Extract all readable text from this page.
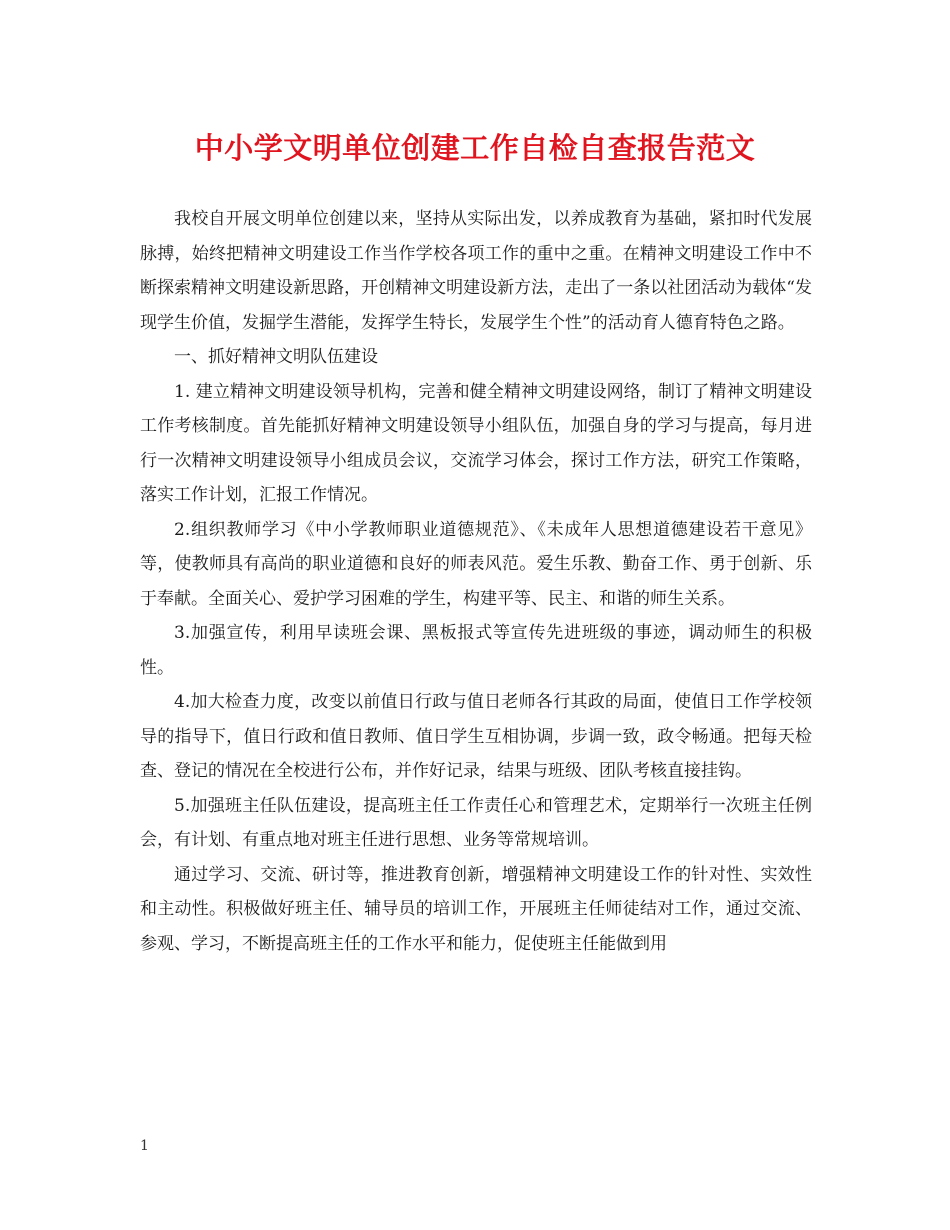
中小学文明单位创建工作自检自查报告范文

我校自开展文明单位创建以来，坚持从实际出发，以养成教育为基础，紧扣时代发展脉搏，始终把精神文明建设工作当作学校各项工作的重中之重。在精神文明建设工作中不断探索精神文明建设新思路，开创精神文明建设新方法，走出了一条以社团活动为载体“发现学生价值，发掘学生潜能，发挥学生特长，发展学生个性”的活动育人德育特色之路。

一、抓好精神文明队伍建设

1. 建立精神文明建设领导机构，完善和健全精神文明建设网络，制订了精神文明建设工作考核制度。首先能抓好精神文明建设领导小组队伍，加强自身的学习与提高，每月进行一次精神文明建设领导小组成员会议，交流学习体会，探讨工作方法，研究工作策略，落实工作计划，汇报工作情况。

2.组织教师学习《中小学教师职业道德规范》、《未成年人思想道德建设若干意见》等，使教师具有高尚的职业道德和良好的师表风范。爱生乐教、勤奋工作、勇于创新、乐于奉献。全面关心、爱护学习困难的学生，构建平等、民主、和谐的师生关系。

3.加强宣传，利用早读班会课、黑板报式等宣传先进班级的事迹，调动师生的积极性。

4.加大检查力度，改变以前值日行政与值日老师各行其政的局面，使值日工作学校领导的指导下，值日行政和值日教师、值日学生互相协调，步调一致，政令畅通。把每天检查、登记的情况在全校进行公布，并作好记录，结果与班级、团队考核直接挂钩。

5.加强班主任队伍建设，提高班主任工作责任心和管理艺术，定期举行一次班主任例会，有计划、有重点地对班主任进行思想、业务等常规培训。

通过学习、交流、研讨等，推进教育创新，增强精神文明建设工作的针对性、实效性和主动性。积极做好班主任、辅导员的培训工作，开展班主任师徒结对工作，通过交流、参观、学习，不断提高班主任的工作水平和能力，促使班主任能做到用

1
